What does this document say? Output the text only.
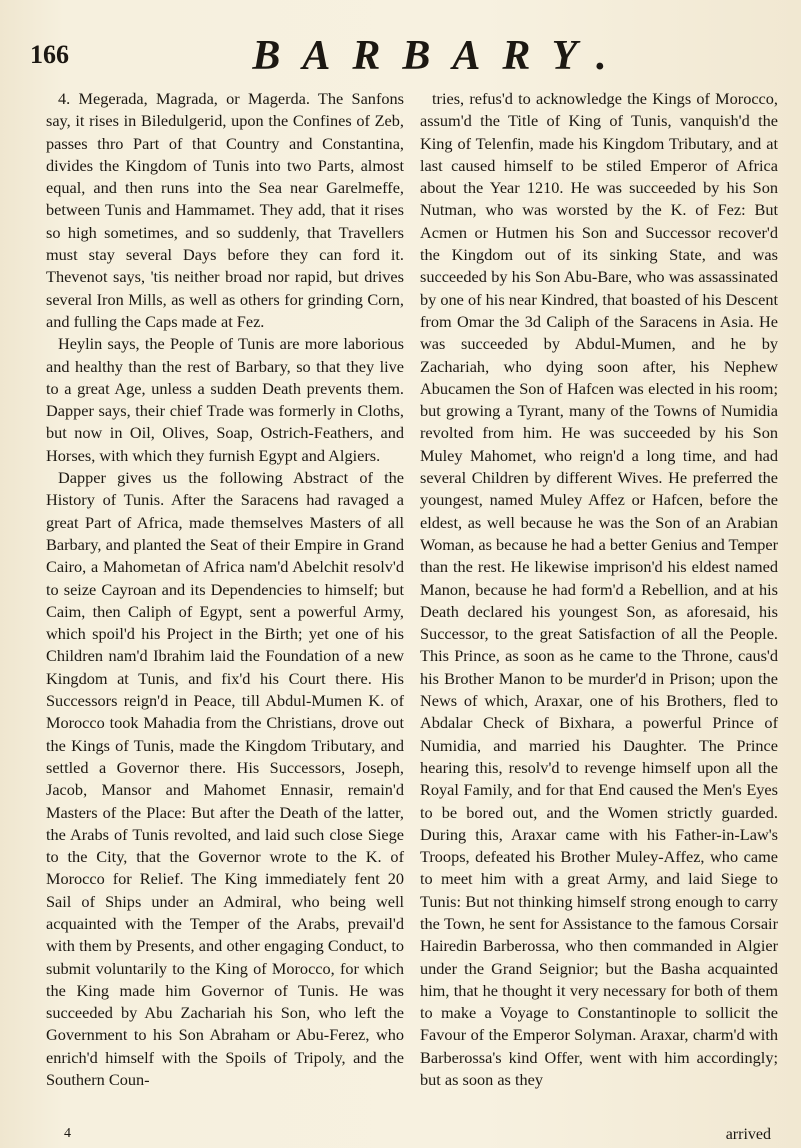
166	BARBARY.

4. Megerada, Magrada, or Magerda. The Sanfons say, it rises in Biledulgerid, upon the Confines of Zeb, passes thro Part of that Country and Constantina, divides the Kingdom of Tunis into two Parts, almost equal, and then runs into the Sea near Garelmeffe, between Tunis and Hammamet. They add, that it rises so high sometimes, and so suddenly, that Travellers must stay several Days before they can ford it. Thevenot says, 'tis neither broad nor rapid, but drives several Iron Mills, as well as others for grinding Corn, and fulling the Caps made at Fez.

Heylin says, the People of Tunis are more laborious and healthy than the rest of Barbary, so that they live to a great Age, unless a sudden Death prevents them. Dapper says, their chief Trade was formerly in Cloths, but now in Oil, Olives, Soap, Ostrich-Feathers, and Horses, with which they furnish Egypt and Algiers.

Dapper gives us the following Abstract of the History of Tunis. After the Saracens had ravaged a great Part of Africa, made themselves Masters of all Barbary, and planted the Seat of their Empire in Grand Cairo, a Mahometan of Africa nam'd Abelchit resolv'd to seize Cayroan and its Dependencies to himself; but Caim, then Caliph of Egypt, sent a powerful Army, which spoil'd his Project in the Birth; yet one of his Children nam'd Ibrahim laid the Foundation of a new Kingdom at Tunis, and fix'd his Court there. His Successors reign'd in Peace, till Abdul-Mumen K. of Morocco took Mahadia from the Christians, drove out the Kings of Tunis, made the Kingdom Tributary, and settled a Governor there. His Successors, Joseph, Jacob, Mansor and Mahomet Ennasir, remain'd Masters of the Place: But after the Death of the latter, the Arabs of Tunis revolted, and laid such close Siege to the City, that the Governor wrote to the K. of Morocco for Relief. The King immediately fent 20 Sail of Ships under an Admiral, who being well acquainted with the Temper of the Arabs, prevail'd with them by Presents, and other engaging Conduct, to submit voluntarily to the King of Morocco, for which the King made him Governor of Tunis. He was succeeded by Abu Zachariah his Son, who left the Government to his Son Abraham or Abu-Ferez, who enrich'd himself with the Spoils of Tripoly, and the Southern Coun-

tries, refus'd to acknowledge the Kings of Morocco, assum'd the Title of King of Tunis, vanquish'd the King of Telenfin, made his Kingdom Tributary, and at last caused himself to be stiled Emperor of Africa about the Year 1210. He was succeeded by his Son Nutman, who was worsted by the K. of Fez: But Acmen or Hutmen his Son and Successor recover'd the Kingdom out of its sinking State, and was succeeded by his Son Abu-Bare, who was assassinated by one of his near Kindred, that boasted of his Descent from Omar the 3d Caliph of the Saracens in Asia. He was succeeded by Abdul-Mumen, and he by Zachariah, who dying soon after, his Nephew Abucamen the Son of Hafcen was elected in his room; but growing a Tyrant, many of the Towns of Numidia revolted from him. He was succeeded by his Son Muley Mahomet, who reign'd a long time, and had several Children by different Wives. He preferred the youngest, named Muley Affez or Hafcen, before the eldest, as well because he was the Son of an Arabian Woman, as because he had a better Genius and Temper than the rest. He likewise imprison'd his eldest named Manon, because he had form'd a Rebellion, and at his Death declared his youngest Son, as aforesaid, his Successor, to the great Satisfaction of all the People. This Prince, as soon as he came to the Throne, caus'd his Brother Manon to be murder'd in Prison; upon the News of which, Araxar, one of his Brothers, fled to Abdalar Check of Bixhara, a powerful Prince of Numidia, and married his Daughter. The Prince hearing this, resolv'd to revenge himself upon all the Royal Family, and for that End caused the Men's Eyes to be bored out, and the Women strictly guarded. During this, Araxar came with his Father-in-Law's Troops, defeated his Brother Muley-Affez, who came to meet him with a great Army, and laid Siege to Tunis: But not thinking himself strong enough to carry the Town, he sent for Assistance to the famous Corsair Hairedin Barberossa, who then commanded in Algier under the Grand Seignior; but the Basha acquainted him, that he thought it very necessary for both of them to make a Voyage to Constantinople to sollicit the Favour of the Emperor Solyman. Araxar, charm'd with Barberossa's kind Offer, went with him accordingly; but as soon as they

4	arrived
